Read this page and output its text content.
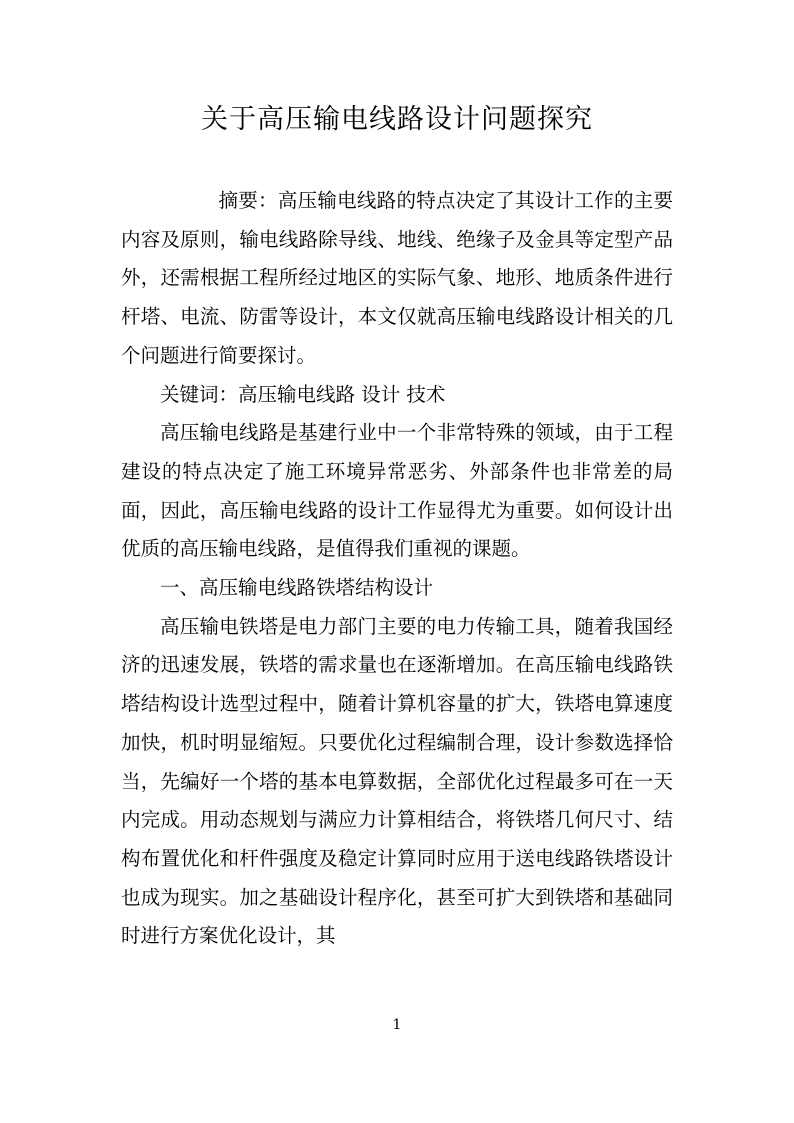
关于高压输电线路设计问题探究

摘要：高压输电线路的特点决定了其设计工作的主要内容及原则，输电线路除导线、地线、绝缘子及金具等定型产品外，还需根据工程所经过地区的实际气象、地形、地质条件进行杆塔、电流、防雷等设计，本文仅就高压输电线路设计相关的几个问题进行简要探讨。

关键词：高压输电线路 设计 技术

高压输电线路是基建行业中一个非常特殊的领域，由于工程建设的特点决定了施工环境异常恶劣、外部条件也非常差的局面，因此，高压输电线路的设计工作显得尤为重要。如何设计出优质的高压输电线路，是值得我们重视的课题。

一、高压输电线路铁塔结构设计

高压输电铁塔是电力部门主要的电力传输工具，随着我国经济的迅速发展，铁塔的需求量也在逐渐增加。在高压输电线路铁塔结构设计选型过程中，随着计算机容量的扩大，铁塔电算速度加快，机时明显缩短。只要优化过程编制合理，设计参数选择恰当，先编好一个塔的基本电算数据，全部优化过程最多可在一天内完成。用动态规划与满应力计算相结合，将铁塔几何尺寸、结构布置优化和杆件强度及稳定计算同时应用于送电线路铁塔设计也成为现实。加之基础设计程序化，甚至可扩大到铁塔和基础同时进行方案优化设计，其

1
